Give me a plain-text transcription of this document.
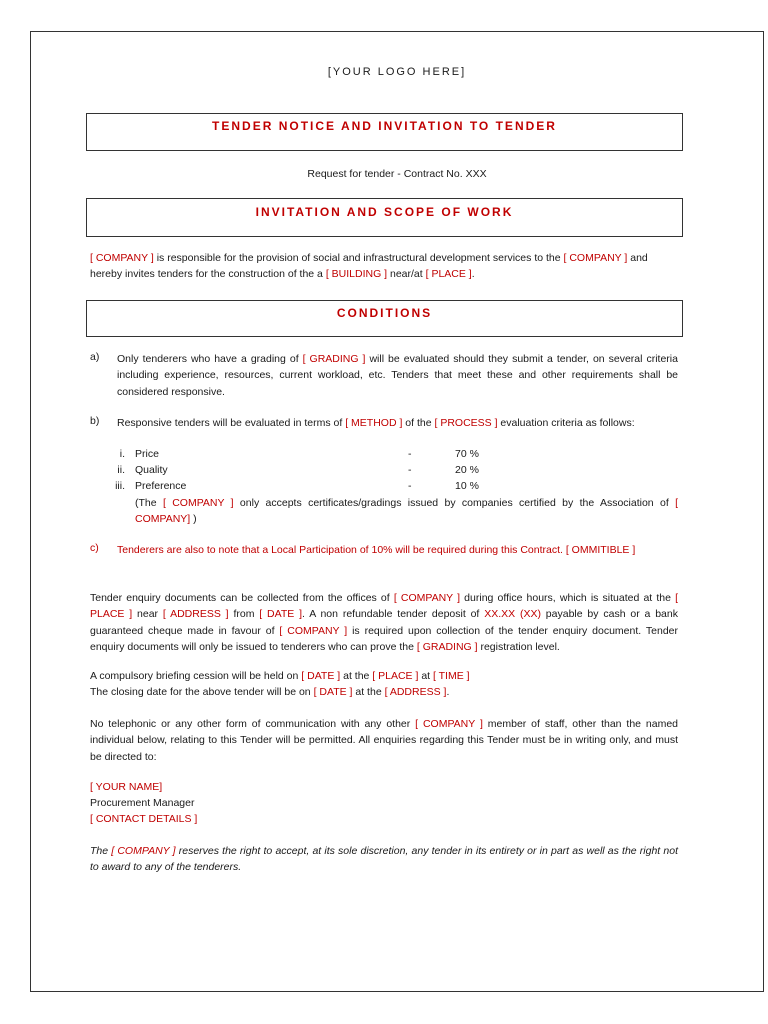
[YOUR LOGO HERE]
TENDER NOTICE AND INVITATION TO TENDER
Request for tender - Contract No. XXX
INVITATION AND SCOPE OF WORK
[ COMPANY ] is responsible for the provision of social and infrastructural development services to the [ COMPANY ] and hereby invites tenders for the construction of the a [ BUILDING ] near/at [ PLACE ].
CONDITIONS
a) Only tenderers who have a grading of [ GRADING ] will be evaluated should they submit a tender, on several criteria including experience, resources, current workload, etc. Tenders that meet these and other requirements shall be considered responsive.
b) Responsive tenders will be evaluated in terms of [ METHOD ] of the [ PROCESS ] evaluation criteria as follows:
i. Price	-	70 %
ii. Quality	-	20 %
iii. Preference	-	10 %
(The [ COMPANY ] only accepts certificates/gradings issued by companies certified by the Association of [ COMPANY] )
c) Tenderers are also to note that a Local Participation of 10% will be required during this Contract. [ OMMITIBLE ]
Tender enquiry documents can be collected from the offices of [ COMPANY ] during office hours, which is situated at the [ PLACE ] near [ ADDRESS ] from [ DATE ]. A non refundable tender deposit of XX.XX (XX) payable by cash or a bank guaranteed cheque made in favour of [ COMPANY ] is required upon collection of the tender enquiry document. Tender enquiry documents will only be issued to tenderers who can prove the [ GRADING ] registration level.
A compulsory briefing cession will be held on [ DATE ] at the [ PLACE ] at [ TIME ]
The closing date for the above tender will be on [ DATE ] at the [ ADDRESS ].
No telephonic or any other form of communication with any other [ COMPANY ] member of staff, other than the named individual below, relating to this Tender will be permitted. All enquiries regarding this Tender must be in writing only, and must be directed to:
[ YOUR NAME]
Procurement Manager
[ CONTACT DETAILS ]
The [ COMPANY ] reserves the right to accept, at its sole discretion, any tender in its entirety or in part as well as the right not to award to any of the tenderers.
